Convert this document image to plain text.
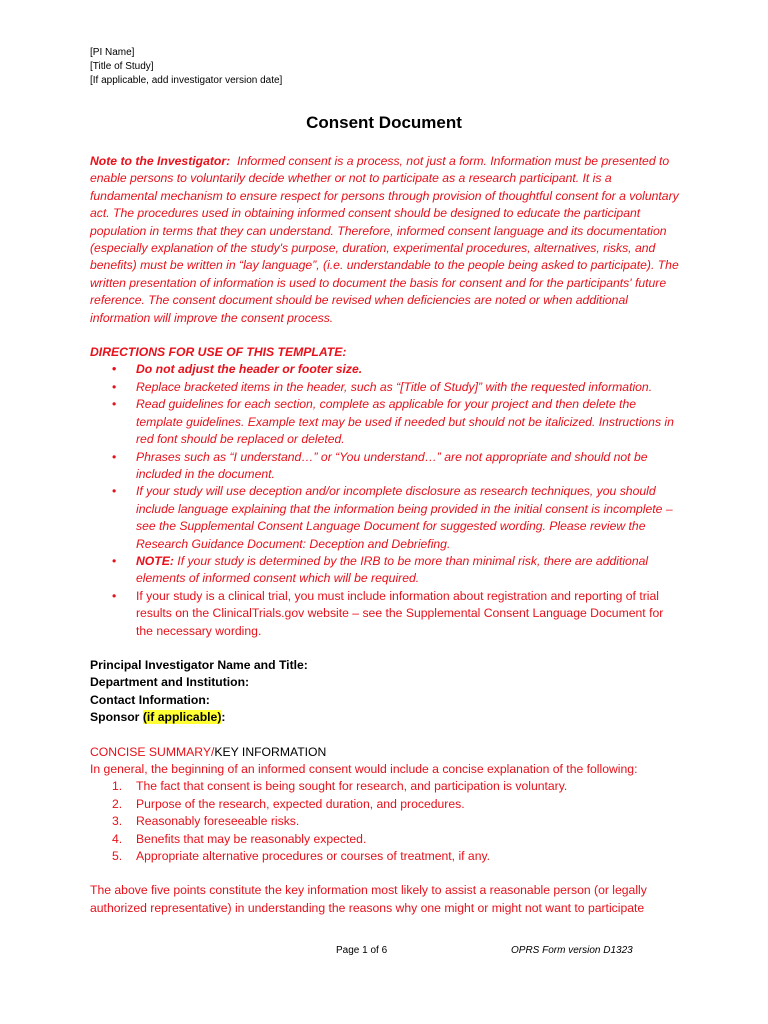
[PI Name]
[Title of Study]
[If applicable, add investigator version date]
Consent Document

Note to the Investigator: Informed consent is a process, not just a form. Information must be presented to enable persons to voluntarily decide whether or not to participate as a research participant. It is a fundamental mechanism to ensure respect for persons through provision of thoughtful consent for a voluntary act. The procedures used in obtaining informed consent should be designed to educate the participant population in terms that they can understand. Therefore, informed consent language and its documentation (especially explanation of the study's purpose, duration, experimental procedures, alternatives, risks, and benefits) must be written in “lay language”, (i.e. understandable to the people being asked to participate). The written presentation of information is used to document the basis for consent and for the participants' future reference. The consent document should be revised when deficiencies are noted or when additional information will improve the consent process.

DIRECTIONS FOR USE OF THIS TEMPLATE:

• Do not adjust the header or footer size.
• Replace bracketed items in the header, such as “[Title of Study]” with the requested information.
• Read guidelines for each section, complete as applicable for your project and then delete the template guidelines. Example text may be used if needed but should not be italicized. Instructions in red font should be replaced or deleted.
• Phrases such as “I understand…” or “You understand…” are not appropriate and should not be included in the document.
• If your study will use deception and/or incomplete disclosure as research techniques, you should include language explaining that the information being provided in the initial consent is incomplete – see the Supplemental Consent Language Document for suggested wording. Please review the Research Guidance Document: Deception and Debriefing.
• NOTE: If your study is determined by the IRB to be more than minimal risk, there are additional elements of informed consent which will be required.
• If your study is a clinical trial, you must include information about registration and reporting of trial results on the ClinicalTrials.gov website – see the Supplemental Consent Language Document for the necessary wording.

Principal Investigator Name and Title:

Department and Institution:

Contact Information:

Sponsor (if applicable):

CONCISE SUMMARY/KEY INFORMATION

In general, the beginning of an informed consent would include a concise explanation of the following:

1. The fact that consent is being sought for research, and participation is voluntary.
2. Purpose of the research, expected duration, and procedures.
3. Reasonably foreseeable risks.
4. Benefits that may be reasonably expected.
5. Appropriate alternative procedures or courses of treatment, if any.

The above five points constitute the key information most likely to assist a reasonable person (or legally authorized representative) in understanding the reasons why one might or might not want to participate

Page 1 of 6	OPRS Form version D1323
